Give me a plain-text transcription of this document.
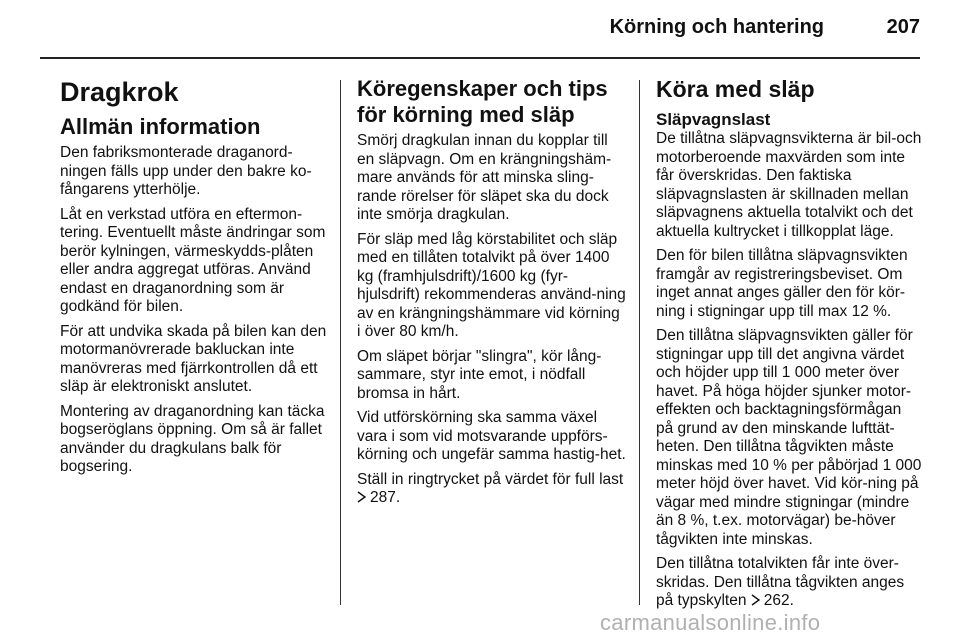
Körning och hantering	207
Dragkrok
Allmän information

Den fabriksmonterade draganord-ningen fälls upp under den bakre ko-fångarens ytterhölje.

Låt en verkstad utföra en eftermon-tering. Eventuellt måste ändringar som berör kylningen, värmeskydds-plåten eller andra aggregat utföras. Använd endast en draganordning som är godkänd för bilen.

För att undvika skada på bilen kan den motormanövrerade bakluckan inte manövreras med fjärrkontrollen då ett släp är elektroniskt anslutet.

Montering av draganordning kan täcka bogseröglans öppning. Om så är fallet använder du dragkulans balk för bogsering.

Köregenskaper och tips för körning med släp

Smörj dragkulan innan du kopplar till en släpvagn. Om en krängningshäm-mare används för att minska sling-rande rörelser för släpet ska du dock inte smörja dragkulan.

För släp med låg körstabilitet och släp med en tillåten totalvikt på över 1400 kg (framhjulsdrift)/1600 kg (fyr-hjulsdrift) rekommenderas använd-ning av en krängningshämmare vid körning i över 80 km/h.

Om släpet börjar "slingra", kör lång-sammare, styr inte emot, i nödfall bromsa in hårt.

Vid utförskörning ska samma växel vara i som vid motsvarande uppförs-körning och ungefär samma hastig-het.

Ställ in ringtrycket på värdet för full last 287.

Köra med släp
Släpvagnslast

De tillåtna släpvagnsvikterna är bil-och motorberoende maxvärden som inte får överskridas. Den faktiska släpvagnslasten är skillnaden mellan släpvagnens aktuella totalvikt och det aktuella kultrycket i tillkopplat läge.

Den för bilen tillåtna släpvagnsvikten framgår av registreringsbeviset. Om inget annat anges gäller den för kör-ning i stigningar upp till max 12 %.

Den tillåtna släpvagnsvikten gäller för stigningar upp till det angivna värdet och höjder upp till 1 000 meter över havet. På höga höjder sjunker motor-effekten och backtagningsförmågan på grund av den minskande lufttät-heten. Den tillåtna tågvikten måste minskas med 10 % per påbörjad 1 000 meter höjd över havet. Vid kör-ning på vägar med mindre stigningar (mindre än 8 %, t.ex. motorvägar) be-höver tågvikten inte minskas.

Den tillåtna totalvikten får inte över-skridas. Den tillåtna tågvikten anges på typskylten 262.

carmanualsonline.info
